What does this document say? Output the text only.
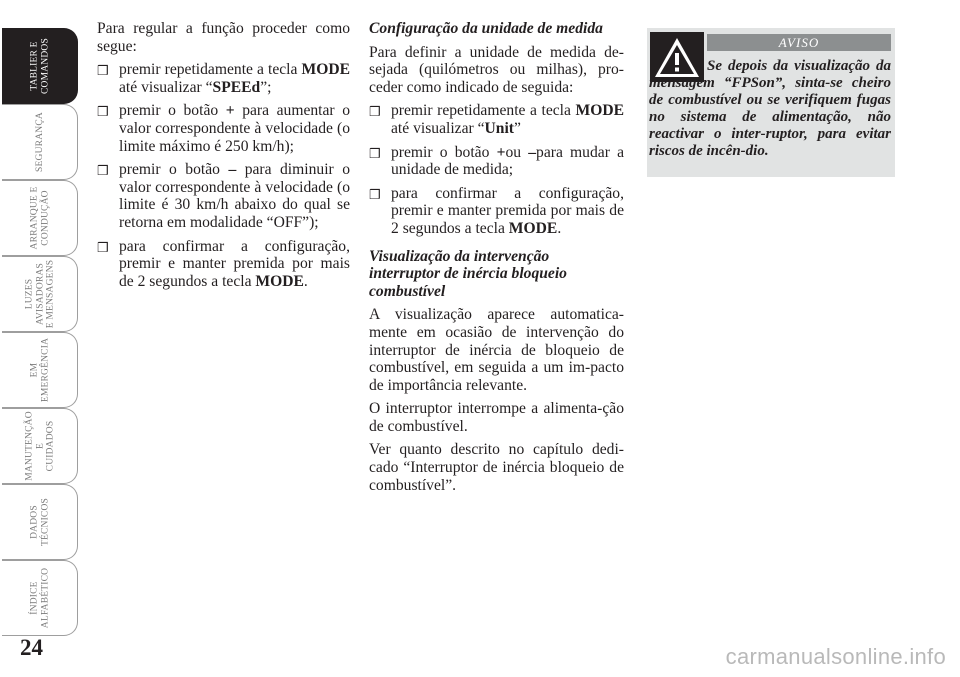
TABLIER E
COMANDOS
SEGURANÇA
ARRANQUE E
CONDUÇÃO
LUZES
AVISADORAS
E MENSAGENS
EM
EMERGÊNCIA
MANUTENÇÃO E
CUIDADOS
DADOS
TÉCNICOS
ÍNDICE
ALFABÉTICO
24

Para regular a função proceder como segue:

❒ premir repetidamente a tecla MODE até visualizar “SPEEd”;
❒ premir o botão + para aumentar o valor correspondente à velocidade (o limite máximo é 250 km/h);
❒ premir o botão – para diminuir o valor correspondente à velocidade (o limite é 30 km/h abaixo do qual se retorna em modalidade “OFF”);
❒ para confirmar a configuração, premir e manter premida por mais de 2 segundos a tecla MODE.
Configuração da unidade de medida

Para definir a unidade de medida de-sejada (quilómetros ou milhas), pro-ceder como indicado de seguida:

❒ premir repetidamente a tecla MODE até visualizar “Unit”
❒ premir o botão +ou –para mudar a unidade de medida;
❒ para confirmar a configuração, premir e manter premida por mais de 2 segundos a tecla MODE.
Visualização da intervenção interruptor de inércia bloqueio combustível

A visualização aparece automatica-mente em ocasião de intervenção do interruptor de inércia de bloqueio de combustível, em seguida a um im-pacto de importância relevante.

O interruptor interrompe a alimenta-ção de combustível.

Ver quanto descrito no capítulo dedi-cado “Interruptor de inércia bloqueio de combustível”.

AVISO
Se depois da visualização da mensagem “FPSon”, sinta-se cheiro de combustível ou se verifiquem fugas no sistema de alimentação, não reactivar o inter-ruptor, para evitar riscos de incên-dio.
carmanualsonline.info
